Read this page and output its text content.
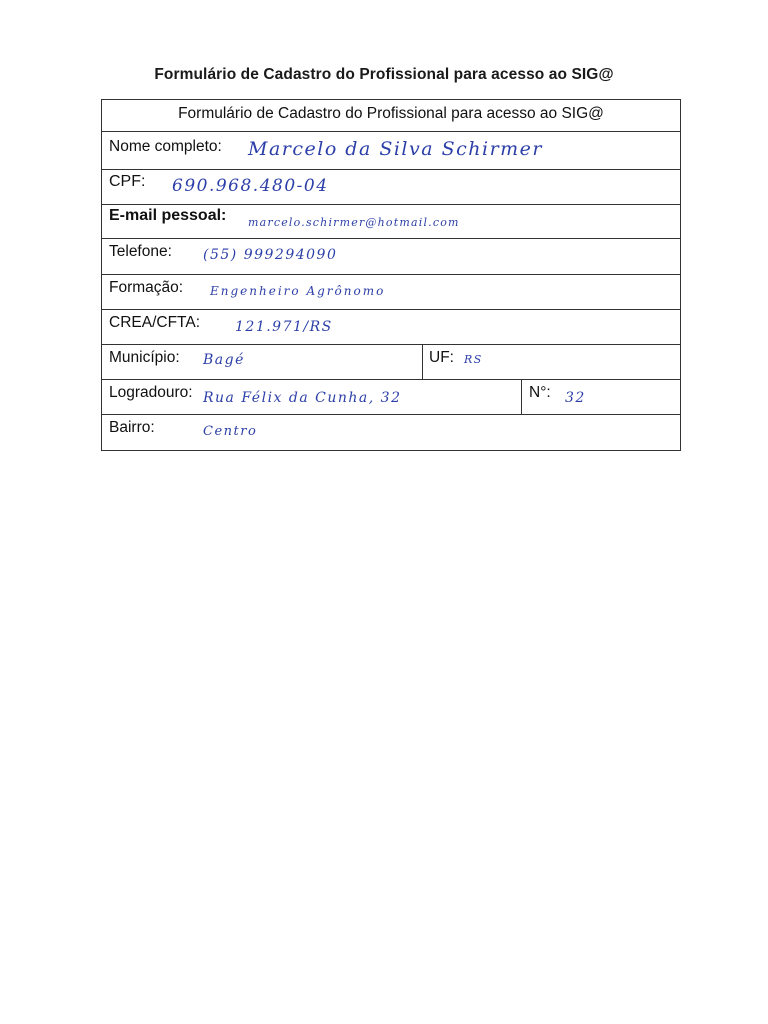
Formulário de Cadastro do Profissional para acesso ao SIG@
Formulário de Cadastro do Profissional para acesso ao SIG@
Nome completo: Marcelo da Silva Schirmer
CPF: 690.968.480-04
E-mail pessoal: marcelo.schirmer@hotmail.com
Telefone: (55) 999294090
Formação: Engenheiro Agrônomo
CREA/CFTA:	121.971/RS
Município: Bagé	UF: RS
Logradouro: Rua Félix da Cunha, 32	N°: 32
Bairro:	Centro
